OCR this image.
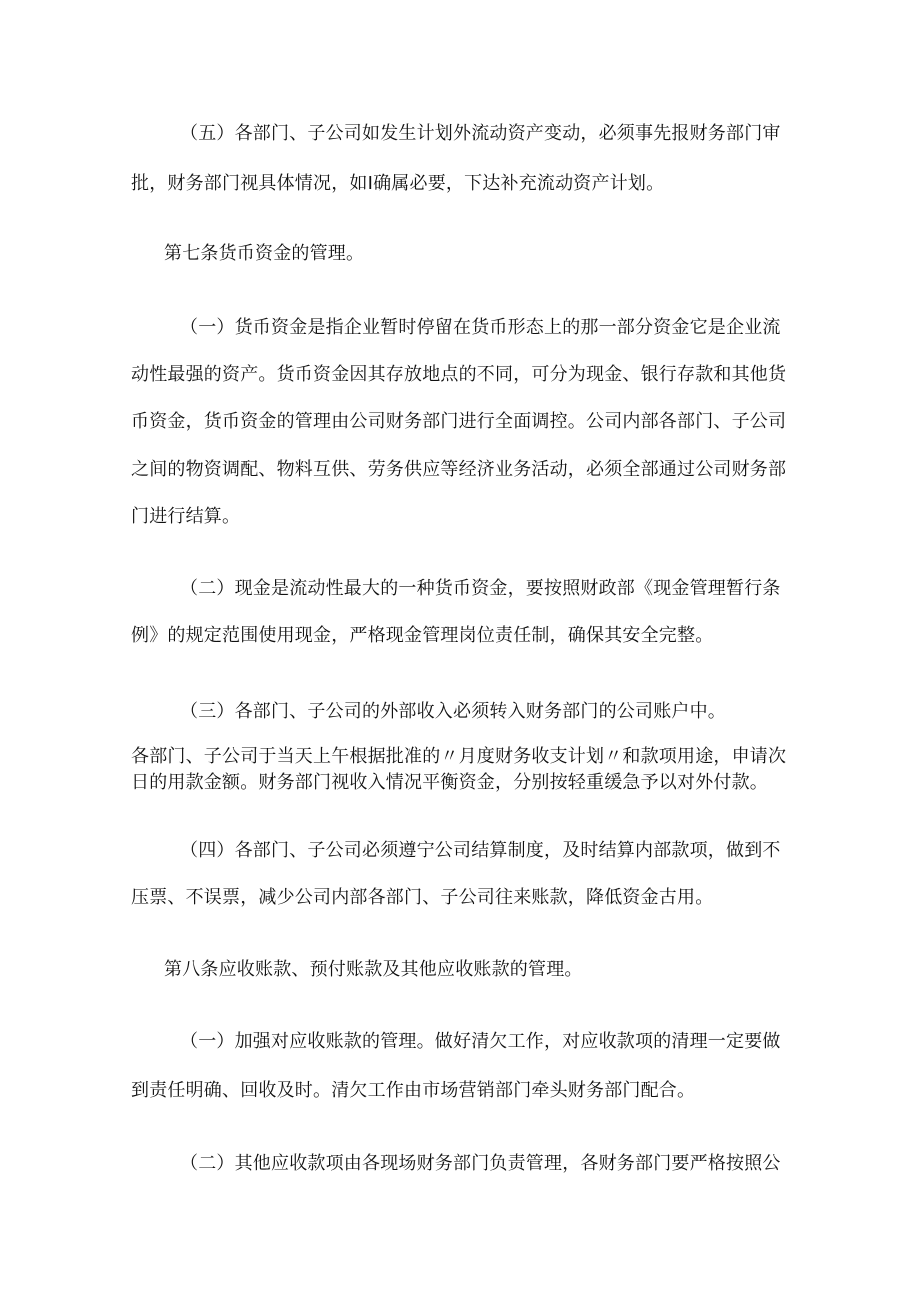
（五）各部门、子公司如发生计划外流动资产变动，必须事先报财务部门审
批，财务部门视具体情况，如Ⅰ确属必要，下达补充流动资产计划。
第七条货币资金的管理。
（一）货币资金是指企业暂时停留在货币形态上的那一部分资金它是企业流
动性最强的资产。货币资金因其存放地点的不同，可分为现金、银行存款和其他货
币资金，货币资金的管理由公司财务部门进行全面调控。公司内部各部门、子公司
之间的物资调配、物料互供、劳务供应等经济业务活动，必须全部通过公司财务部
门进行结算。
（二）现金是流动性最大的一种货币资金，要按照财政部《现金管理暂行条
例》的规定范围使用现金，严格现金管理岗位责任制，确保其安全完整。
（三）各部门、子公司的外部收入必须转入财务部门的公司账户中。
各部门、子公司于当天上午根据批准的〃月度财务收支计划〃和款项用途，申请次
日的用款金额。财务部门视收入情况平衡资金，分别按轻重缓急予以对外付款。
（四）各部门、子公司必须遵宁公司结算制度，及时结算内部款项，做到不
压票、不误票，减少公司内部各部门、子公司往来账款，降低资金古用。
第八条应收账款、预付账款及其他应收账款的管理。
（一）加强对应收账款的管理。做好清欠工作，对应收款项的清理一定要做
到责任明确、回收及时。清欠工作由市场营销部门牵头财务部门配合。
（二）其他应收款项由各现场财务部门负责管理，各财务部门要严格按照公
